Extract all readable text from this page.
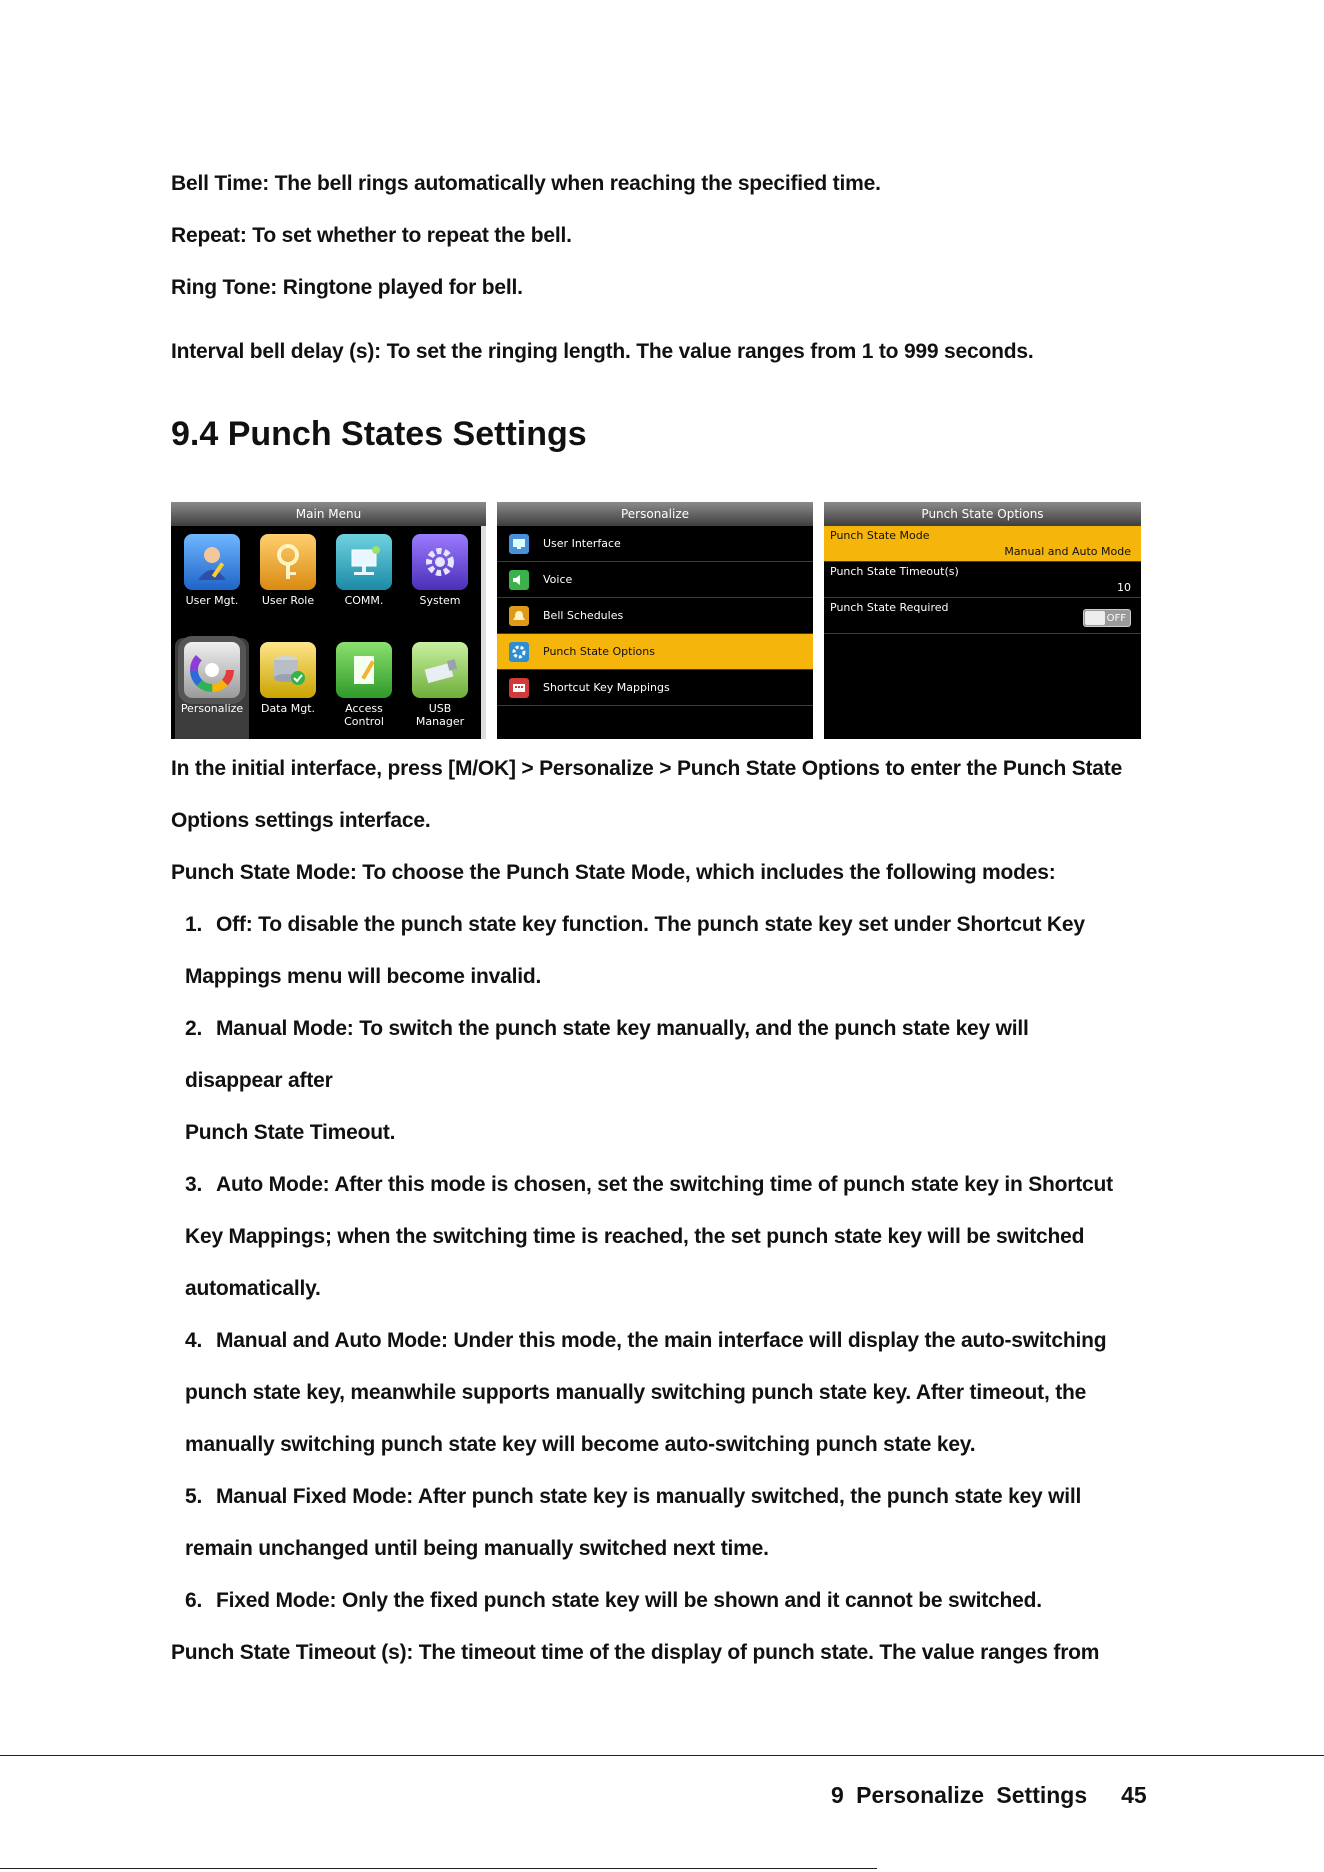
Bell Time: The bell rings automatically when reaching the specified time.

Repeat: To set whether to repeat the bell.

Ring Tone: Ringtone played for bell.

Interval bell delay (s): To set the ringing length. The value ranges from 1 to 999 seconds.

9.4 Punch States Settings
Main Menu
User Mgt.	User Role	COMM.	System
Personalize	Data Mgt.	Access Control
USB Manager
Personalize
User Interface
Voice
Bell Schedules
Punch State Options
Shortcut Key Mappings
Punch State Options
Punch State Mode
Manual and Auto Mode
Punch State Timeout(s)
10
Punch State Required
OFF

In the initial interface, press [M/OK] > Personalize > Punch State Options to enter the Punch State

Options settings interface.

Punch State Mode: To choose the Punch State Mode, which includes the following modes:

1. Off: To disable the punch state key function. The punch state key set under Shortcut Key

Mappings menu will become invalid.

2. Manual Mode: To switch the punch state key manually, and the punch state key will

disappear after

Punch State Timeout.

3. Auto Mode: After this mode is chosen, set the switching time of punch state key in Shortcut

Key Mappings; when the switching time is reached, the set punch state key will be switched

automatically.

4. Manual and Auto Mode: Under this mode, the main interface will display the auto-switching

punch state key, meanwhile supports manually switching punch state key. After timeout, the

manually switching punch state key will become auto-switching punch state key.

5. Manual Fixed Mode: After punch state key is manually switched, the punch state key will

remain unchanged until being manually switched next time.

6. Fixed Mode: Only the fixed punch state key will be shown and it cannot be switched.

Punch State Timeout (s): The timeout time of the display of punch state. The value ranges from

9 Personalize Settings 45
